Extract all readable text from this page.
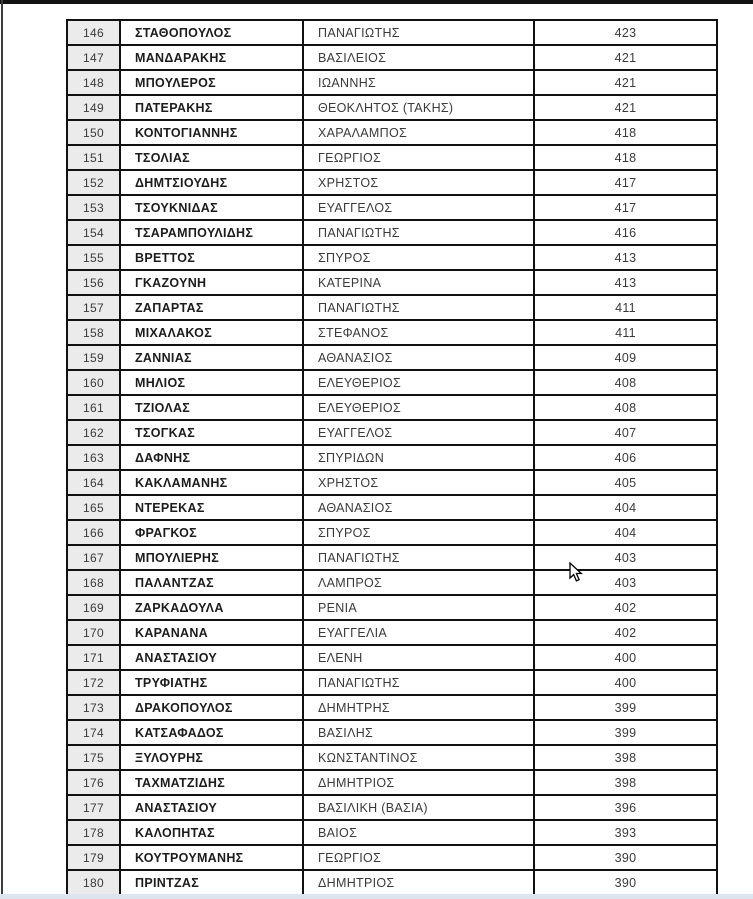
146	ΣΤΑΘΟΠΟΥΛΟΣ	ΠΑΝΑΓΙΩΤΗΣ	423
147	ΜΑΝΔΑΡΑΚΗΣ	ΒΑΣΙΛΕΙΟΣ	421
148	ΜΠΟΥΛΕΡΟΣ	ΙΩΑΝΝΗΣ	421
149	ΠΑΤΕΡΑΚΗΣ	ΘΕΟΚΛΗΤΟΣ (ΤΑΚΗΣ)	421
150	ΚΟΝΤΟΓΙΑΝΝΗΣ	ΧΑΡΑΛΑΜΠΟΣ	418
151	ΤΣΟΛΙΑΣ	ΓΕΩΡΓΙΟΣ	418
152	ΔΗΜΤΣΙΟΥΔΗΣ	ΧΡΗΣΤΟΣ	417
153	ΤΣΟΥΚΝΙΔΑΣ	ΕΥΑΓΓΕΛΟΣ	417
154	ΤΣΑΡΑΜΠΟΥΛΙΔΗΣ	ΠΑΝΑΓΙΩΤΗΣ	416
155	ΒΡΕΤΤΟΣ	ΣΠΥΡΟΣ	413
156	ΓΚΑΖΟΥΝΗ	ΚΑΤΕΡΙΝΑ	413
157	ΖΑΠΑΡΤΑΣ	ΠΑΝΑΓΙΩΤΗΣ	411
158	ΜΙΧΑΛΑΚΟΣ	ΣΤΕΦΑΝΟΣ	411
159	ΖΑΝΝΙΑΣ	ΑΘΑΝΑΣΙΟΣ	409
160	ΜΗΛΙΟΣ	ΕΛΕΥΘΕΡΙΟΣ	408
161	ΤΖΙΟΛΑΣ	ΕΛΕΥΘΕΡΙΟΣ	408
162	ΤΣΟΓΚΑΣ	ΕΥΑΓΓΕΛΟΣ	407
163	ΔΑΦΝΗΣ	ΣΠΥΡΙΔΩΝ	406
164	ΚΑΚΛΑΜΑΝΗΣ	ΧΡΗΣΤΟΣ	405
165	ΝΤΕΡΕΚΑΣ	ΑΘΑΝΑΣΙΟΣ	404
166	ΦΡΑΓΚΟΣ	ΣΠΥΡΟΣ	404
167	ΜΠΟΥΛΙΕΡΗΣ	ΠΑΝΑΓΙΩΤΗΣ	403
168	ΠΑΛΑΝΤΖΑΣ	ΛΑΜΠΡΟΣ	403
169	ΖΑΡΚΑΔΟΥΛΑ	ΡΕΝΙΑ	402
170	ΚΑΡΑΝΑΝΑ	ΕΥΑΓΓΕΛΙΑ	402
171	ΑΝΑΣΤΑΣΙΟΥ	ΕΛΕΝΗ	400
172	ΤΡΥΦΙΑΤΗΣ	ΠΑΝΑΓΙΩΤΗΣ	400
173	ΔΡΑΚΟΠΟΥΛΟΣ	ΔΗΜΗΤΡΗΣ	399
174	ΚΑΤΣΑΦΑΔΟΣ	ΒΑΣΙΛΗΣ	399
175	ΞΥΛΟΥΡΗΣ	ΚΩΝΣΤΑΝΤΙΝΟΣ	398
176	ΤΑΧΜΑΤΖΙΔΗΣ	ΔΗΜΗΤΡΙΟΣ	398
177	ΑΝΑΣΤΑΣΙΟΥ	ΒΑΣΙΛΙΚΗ (ΒΑΣΙΑ)	396
178	ΚΑΛΟΠΗΤΑΣ	ΒΑΙΟΣ	393
179	ΚΟΥΤΡΟΥΜΑΝΗΣ	ΓΕΩΡΓΙΟΣ	390
180	ΠΡΙΝΤΖΑΣ	ΔΗΜΗΤΡΙΟΣ	390
